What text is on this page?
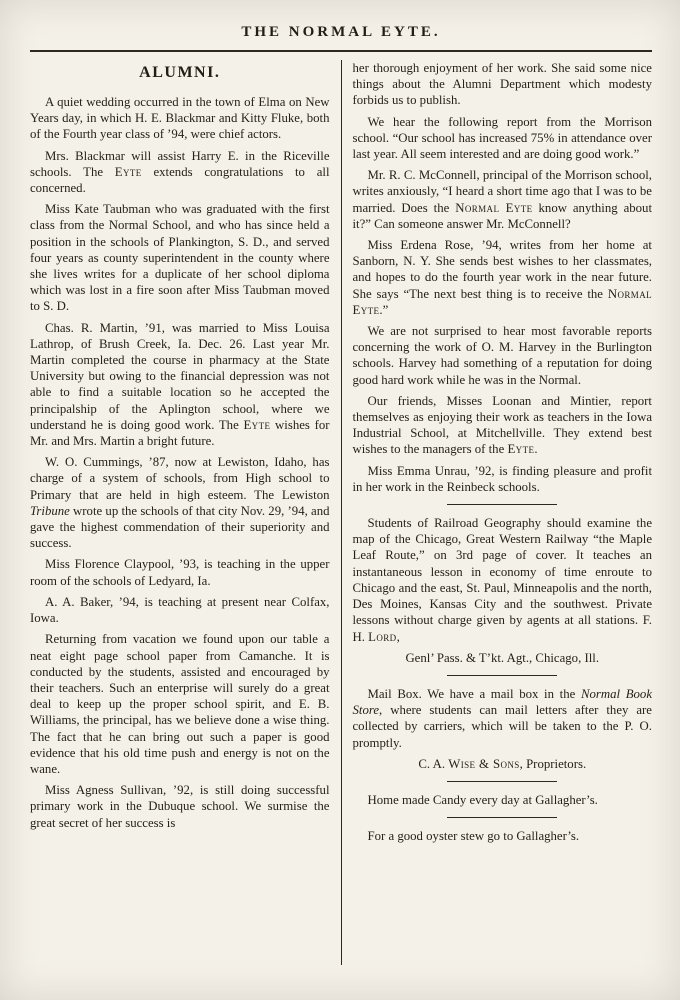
THE NORMAL EYTE.
ALUMNI.

A quiet wedding occurred in the town of Elma on New Years day, in which H. E. Blackmar and Kitty Fluke, both of the Fourth year class of ’94, were chief actors.

Mrs. Blackmar will assist Harry E. in the Riceville schools. The Eyte extends congratulations to all concerned.

Miss Kate Taubman who was graduated with the first class from the Normal School, and who has since held a position in the schools of Plankington, S. D., and served four years as county superintendent in the county where she lives writes for a duplicate of her school diploma which was lost in a fire soon after Miss Taubman moved to S. D.

Chas. R. Martin, ’91, was married to Miss Louisa Lathrop, of Brush Creek, Ia. Dec. 26. Last year Mr. Martin completed the course in pharmacy at the State University but owing to the financial depression was not able to find a suitable location so he accepted the principalship of the Aplington school, where we understand he is doing good work. The Eyte wishes for Mr. and Mrs. Martin a bright future.

W. O. Cummings, ’87, now at Lewiston, Idaho, has charge of a system of schools, from High school to Primary that are held in high esteem. The Lewiston Tribune wrote up the schools of that city Nov. 29, ’94, and gave the highest commendation of their superiority and success.

Miss Florence Claypool, ’93, is teaching in the upper room of the schools of Ledyard, Ia.

A. A. Baker, ’94, is teaching at present near Colfax, Iowa.

Returning from vacation we found upon our table a neat eight page school paper from Camanche. It is conducted by the students, assisted and encouraged by their teachers. Such an enterprise will surely do a great deal to keep up the proper school spirit, and E. B. Williams, the principal, has we believe done a wise thing. The fact that he can bring out such a paper is good evidence that his old time push and energy is not on the wane.

Miss Agness Sullivan, ’92, is still doing successful primary work in the Dubuque school. We surmise the great secret of her success is

her thorough enjoyment of her work. She said some nice things about the Alumni Department which modesty forbids us to publish.

We hear the following report from the Morrison school. “Our school has increased 75% in attendance over last year. All seem interested and are doing good work.”

Mr. R. C. McConnell, principal of the Morrison school, writes anxiously, “I heard a short time ago that I was to be married. Does the Normal Eyte know anything about it?” Can someone answer Mr. McConnell?

Miss Erdena Rose, ’94, writes from her home at Sanborn, N. Y. She sends best wishes to her classmates, and hopes to do the fourth year work in the near future. She says “The next best thing is to receive the Normal Eyte.”

We are not surprised to hear most favorable reports concerning the work of O. M. Harvey in the Burlington schools. Harvey had something of a reputation for doing good hard work while he was in the Normal.

Our friends, Misses Loonan and Mintier, report themselves as enjoying their work as teachers in the Iowa Industrial School, at Mitchellville. They extend best wishes to the managers of the Eyte.

Miss Emma Unrau, ’92, is finding pleasure and profit in her work in the Reinbeck schools.

Students of Railroad Geography should examine the map of the Chicago, Great Western Railway “the Maple Leaf Route,” on 3rd page of cover. It teaches an instantaneous lesson in economy of time enroute to Chicago and the east, St. Paul, Minneapolis and the north, Des Moines, Kansas City and the southwest. Private lessons without charge given by agents at all stations. F. H. Lord,

Genl’ Pass. & T’kt. Agt., Chicago, Ill.

Mail Box. We have a mail box in the Normal Book Store, where students can mail letters after they are collected by carriers, which will be taken to the P. O. promptly.

C. A. Wise & Sons, Proprietors.

Home made Candy every day at Gallagher’s.

For a good oyster stew go to Gallagher’s.
